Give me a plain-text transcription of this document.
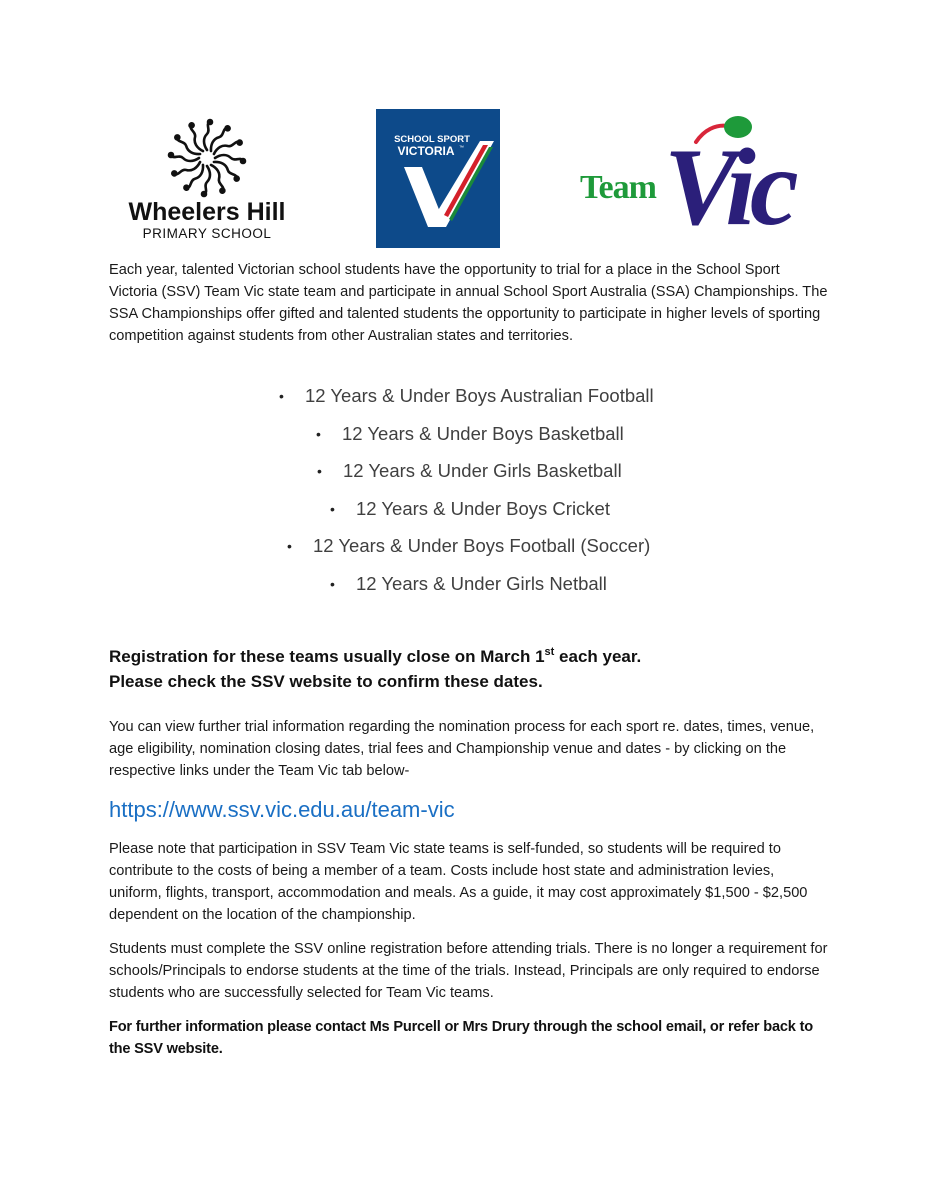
Wheelers Hill
PRIMARY SCHOOL
SCHOOL SPORT
VICTORIA ™
Team Vic

Each year, talented Victorian school students have the opportunity to trial for a place in the School Sport Victoria (SSV) Team Vic state team and participate in annual School Sport Australia (SSA) Championships. The SSA Championships offer gifted and talented students the opportunity to participate in higher levels of sporting competition against students from other Australian states and territories.

• 12 Years & Under Boys Australian Football
• 12 Years & Under Boys Basketball
• 12 Years & Under Girls Basketball
• 12 Years & Under Boys Cricket
• 12 Years & Under Boys Football (Soccer)
• 12 Years & Under Girls Netball

Registration for these teams usually close on March 1st each year.

Please check the SSV website to confirm these dates.

You can view further trial information regarding the nomination process for each sport re. dates, times, venue, age eligibility, nomination closing dates, trial fees and Championship venue and dates - by clicking on the respective links under the Team Vic tab below-

https://www.ssv.vic.edu.au/team-vic

Please note that participation in SSV Team Vic state teams is self-funded, so students will be required to contribute to the costs of being a member of a team. Costs include host state and administration levies, uniform, flights, transport, accommodation and meals. As a guide, it may cost approximately $1,500 - $2,500 dependent on the location of the championship.

Students must complete the SSV online registration before attending trials. There is no longer a requirement for schools/Principals to endorse students at the time of the trials. Instead, Principals are only required to endorse students who are successfully selected for Team Vic teams.

For further information please contact Ms Purcell or Mrs Drury through the school email, or refer back to the SSV website.
